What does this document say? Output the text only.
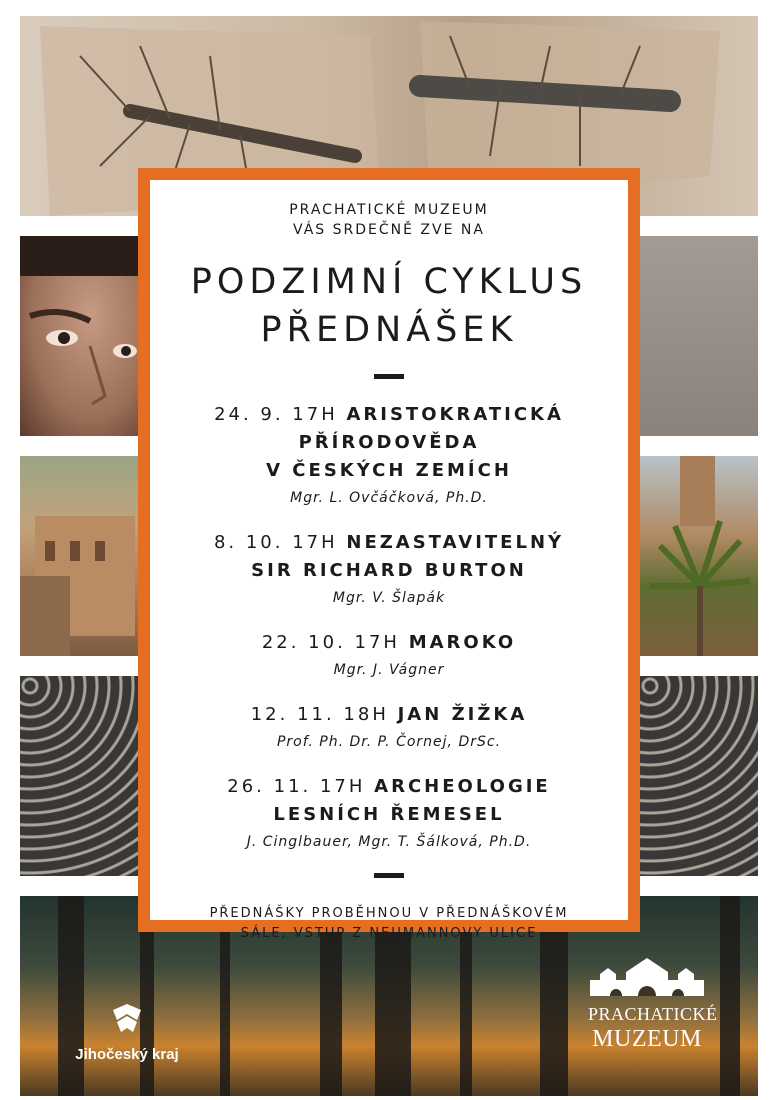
PRACHATICKÉ MUZEUM

VÁS SRDEČNĚ ZVE NA

PODZIMNÍ CYKLUS
PŘEDNÁŠEK
24. 9. 17H ARISTOKRATICKÁ
PŘÍRODOVĚDA
V ČESKÝCH ZEMÍCH
Mgr. L. Ovčáčková, Ph.D.
8. 10. 17H NEZASTAVITELNÝ
SIR RICHARD BURTON
Mgr. V. Šlapák
22. 10. 17H MAROKO
Mgr. J. Vágner
12. 11. 18H JAN ŽIŽKA
Prof. Ph. Dr. P. Čornej, DrSc.
26. 11. 17H ARCHEOLOGIE
LESNÍCH ŘEMESEL
J. Cinglbauer, Mgr. T. Šálková, Ph.D.
PŘEDNÁŠKY PROBĚHNOU V PŘEDNÁŠKOVÉM
SÁLE, VSTUP Z NEUMANNOVY ULICE
Jihočeský kraj
PRACHATICKÉ
MUZEUM
